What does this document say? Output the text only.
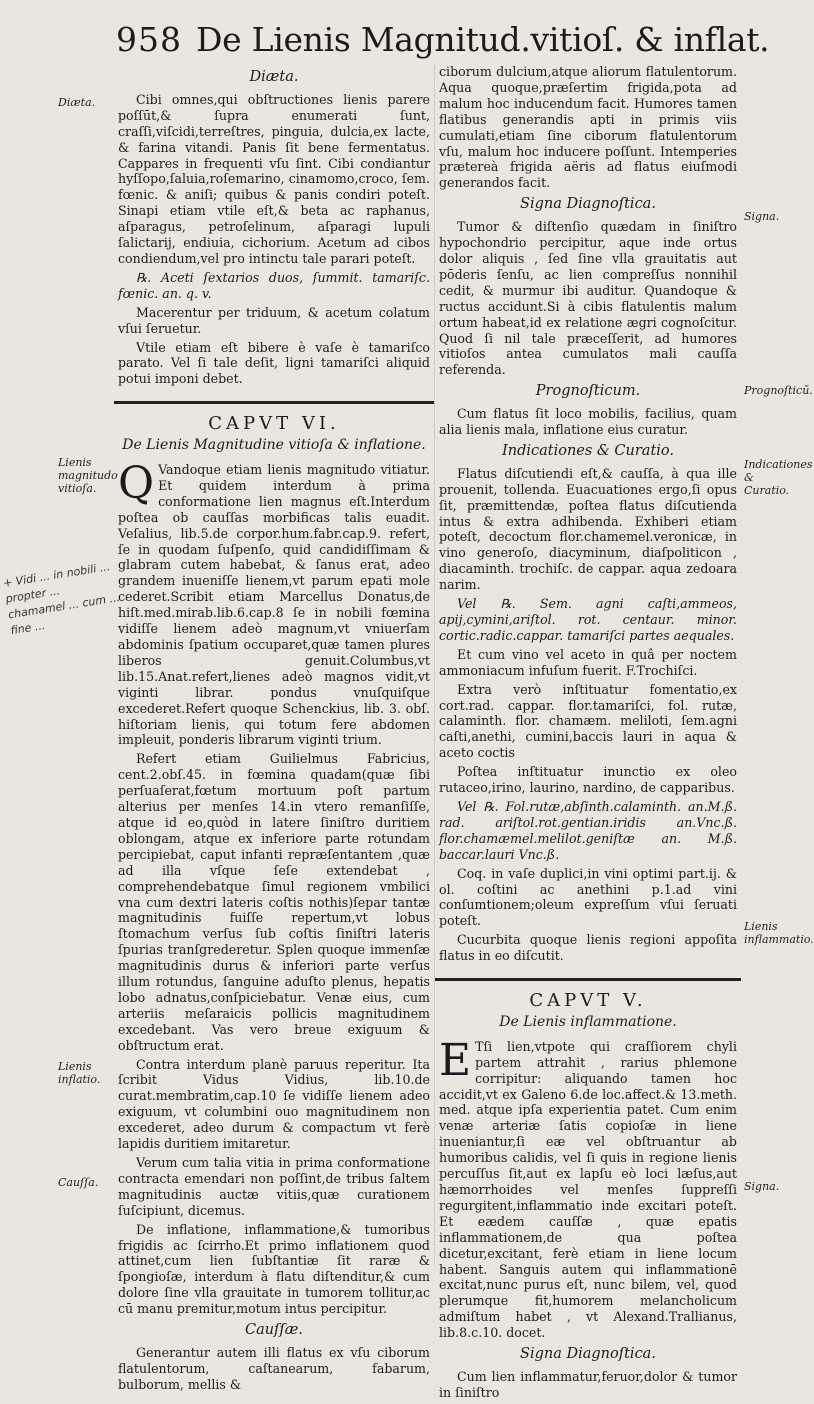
958 De Lienis Magnitud.vitioſ. & inflat.
Diæta.
Lienis magnitudo vitioſa.
Lienis inflatio.
Cauſſa.
Signa.
Prognoſticũ.
Indicationes & Curatio.
Lienis inflammatio.
Signa.
+ Vidi ... in nobili ... propter ... chamamel ... cum ... fine ...
Diæta.

Cibi omnes,qui obſtructiones lienis parere poſſūt,& ſupra enumerati ſunt, craſſi,viſcidi,terreſtres, pinguia, dulcia,ex lacte, & farina vitandi. Panis ſit bene fermentatus. Cappares in frequenti vſu ſint. Cibi condiantur hyſſopo,ſaluia,roſemarino, cinamomo,croco, ſem. fœnic. & aniſi; quibus & panis condiri poteſt. Sinapi etiam vtile eſt,& beta ac raphanus, aſparagus, petroſelinum, aſparagi lupuli ſalictarij, endiuia, cichorium. Acetum ad cibos condiendum,vel pro intinctu tale parari poteſt.

℞. Aceti ſextarios duos, ſummit. tamariſc. fœnic. an. q. v.

Macerentur per triduum, & acetum colatum vſui ſeruetur.

Vtile etiam eſt bibere è vaſe è tamariſco parato. Vel ſi tale deſit, ligni tamariſci aliquid potui imponi debet.

CAPVT VI.
De Lienis Magnitudine vitioſa & inflatione.

Q Vandoque etiam lienis magnitudo vitiatur. Et quidem interdum à prima conformatione lien magnus eſt.Interdum poſtea ob cauſſas morbificas talis euadit. Veſalius, lib.5.de corpor.hum.fabr.cap.9. refert, ſe in quodam ſuſpenſo, quid candidiſſimam & glabram cutem habebat, & ſanus erat, adeo grandem inueniſſe lienem,vt parum epati mole cederet.Scribit etiam Marcellus Donatus,de hiſt.med.mirab.lib.6.cap.8 ſe in nobili fœmina vidiſſe lienem adeò magnum,vt vniuerſam abdominis ſpatium occuparet,quæ tamen plures liberos genuit.Columbus,vt lib.15.Anat.refert,lienes adeò magnos vidit,vt viginti librar. pondus vnuſquiſque excederet.Refert quoque Schenckius, lib. 3. obſ. hiſtoriam lienis, qui totum fere abdomen impleuit, ponderis librarum viginti trium.

Refert etiam Guilielmus Fabricius, cent.2.obſ.45. in fœmina quadam(quæ ſibi perſuaſerat,fœtum mortuum poſt partum alterius per menſes 14.in vtero remanſiſſe, atque id eo,quòd in latere ſiniſtro duritiem oblongam, atque ex inferiore parte rotundam percipiebat, caput infanti repræſentantem ,quæ ad illa vſque ſeſe extendebat , comprehendebatque ſimul regionem vmbilici vna cum dextri lateris coſtis nothis)ſepar tantæ magnitudinis fuiſſe repertum,vt lobus ſtomachum verſus ſub coſtis ſiniſtri lateris ſpurias tranſgrederetur. Splen quoque immenſæ magnitudinis durus & inferiori parte verſus illum rotundus, ſanguine aduſto plenus, hepatis lobo adnatus,conſpiciebatur. Venæ eius, cum arteriis meſaraicis pollicis magnitudinem excedebant. Vas vero breue exiguum & obſtructum erat.

Contra interdum planè paruus reperitur. Ita ſcribit Vidus Vidius, lib.10.de curat.membratim,cap.10 ſe vidiſſe lienem adeo exiguum, vt columbini ouo magnitudinem non excederet, adeo durum & compactum vt ferè lapidis duritiem imitaretur.

Verum cum talia vitia in prima conformatione contracta emendari non poſſint,de tribus ſaltem magnitudinis auctæ vitiis,quæ curationem ſuſcipiunt, dicemus.

De inflatione, inflammatione,& tumoribus frigidis ac ſcirrho.Et primo inflationem quod attinet,cum lien ſubſtantiæ ſit raræ & ſpongioſæ, interdum à flatu diſtenditur,& cum dolore ſine vlla grauitate in tumorem tollitur,ac cū manu premitur,motum intus percipitur.

Cauſſæ.

Generantur autem illi flatus ex vſu ciborum flatulentorum, caſtanearum, fabarum, bulborum, mellis &

ciborum dulcium,atque aliorum flatulentorum. Aqua quoque,præſertim frigida,pota ad malum hoc inducendum facit. Humores tamen flatibus generandis apti in primis viis cumulati,etiam ſine ciborum flatulentorum vſu, malum hoc inducere poſſunt. Intemperies prætereà frigida aëris ad flatus eiuſmodi generandos facit.

Signa Diagnoſtica.

Tumor & diſtenſio quædam in ſiniſtro hypochondrio percipitur, aque inde ortus dolor aliquis , ſed ſine vlla grauitatis aut pōderis ſenſu, ac lien compreſſus nonnihil cedit, & murmur ibi auditur. Quandoque & ructus accidunt.Si à cibis flatulentis malum ortum habeat,id ex relatione ægri cognoſcitur. Quod ſi nil tale præceſſerit, ad humores vitioſos antea cumulatos mali cauſſa referenda.

Prognoſticum.

Cum flatus ſit loco mobilis, facilius, quam alia lienis mala, inflatione eius curatur.

Indicationes & Curatio.

Flatus diſcutiendi eſt,& cauſſa, à qua ille prouenit, tollenda. Euacuationes ergo,ſi opus ſit, præmittendæ, poſtea flatus diſcutienda intus & extra adhibenda. Exhiberi etiam poteſt, decoctum flor.chamemel.veronicæ, in vino generoſo, diacyminum, diaſpoliticon , diacaminth. trochiſc. de cappar. aqua zedoara narim.

Vel ℞. Sem. agni caſti,ammeos, apij,cymini,ariſtol. rot. centaur. minor. cortic.radic.cappar. tamariſci partes aequales.

Et cum vino vel aceto in quâ per noctem ammoniacum infuſum fuerit. F.Trochiſci.

Extra verò inſtituatur fomentatio,ex cort.rad. cappar. flor.tamariſci, fol. rutæ, calaminth. flor. chamæm. meliloti, ſem.agni caſti,anethi, cumini,baccis lauri in aqua & aceto coctis

Poſtea inſtituatur inunctio ex oleo rutaceo,irino, laurino, nardino, de capparibus.

Vel ℞. Fol.rutæ,abſinth.calaminth. an.M.ß. rad. ariſtol.rot.gentian.iridis an.Vnc.ß. flor.chamæmel.melilot.geniſtæ an. M.ß. baccar.lauri Vnc.ß.

Coq. in vaſe duplici,in vini optimi part.ij. & ol. coſtini ac anethini p.1.ad vini conſumtionem;oleum expreſſum vſui ſeruati poteſt.

Cucurbita quoque lienis regioni appoſita flatus in eo diſcutit.

CAPVT V.
De Lienis inflammatione.

E Tſi lien,vtpote qui craſſiorem chyli partem attrahit , rarius phlemone corripitur: aliquando tamen hoc accidit,vt ex Galeno 6.de loc.affect.& 13.meth. med. atque ipſa experientia patet. Cum enim venæ arteriæ ſatis copioſæ in liene inueniantur,ſi eæ vel obſtruantur ab humoribus calidis, vel ſi quis in regione lienis percuſſus ſit,aut ex lapſu eò loci læſus,aut hæmorrhoides vel menſes ſuppreſſi regurgitent,inflammatio inde excitari poteſt. Et eædem cauſſæ , quæ epatis inflammationem,de qua poſtea dicetur,excitant, ferè etiam in liene locum habent. Sanguis autem qui inflammationē excitat,nunc purus eſt, nunc bilem, vel, quod plerumque fit,humorem melancholicum admiſtum habet , vt Alexand.Trallianus, lib.8.c.10. docet.

Signa Diagnoſtica.

Cum lien inflammatur,feruor,dolor & tumor in ſiniſtro
